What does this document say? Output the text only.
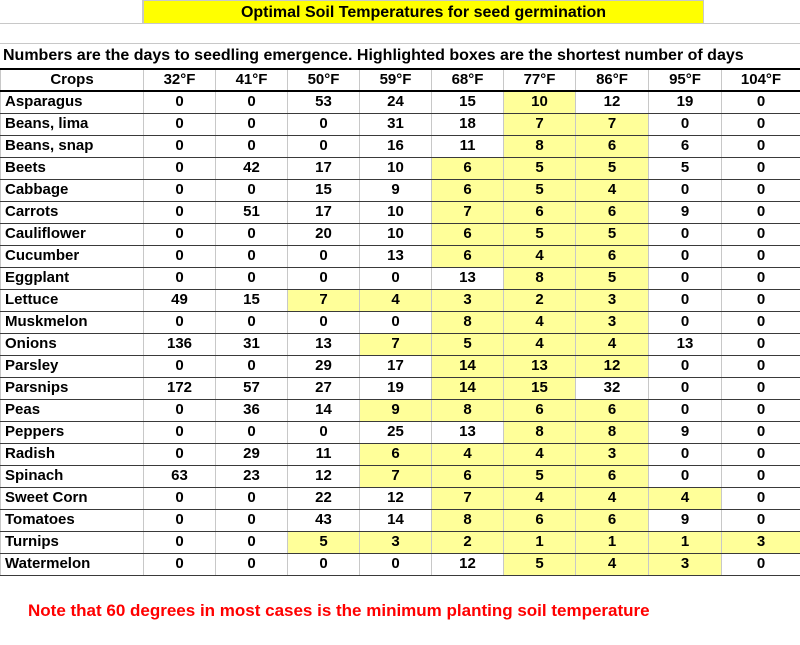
Optimal Soil Temperatures for seed germination
Numbers are the days to seedling emergence. Highlighted boxes are the shortest number of days
Crops	32°F	41°F	50°F	59°F	68°F	77°F	86°F	95°F	104°F
Asparagus	0	0	53	24	15	10	12	19	0
Beans, lima	0	0	0	31	18	7	7	0	0
Beans, snap	0	0	0	16	11	8	6	6	0
Beets	0	42	17	10	6	5	5	5	0
Cabbage	0	0	15	9	6	5	4	0	0
Carrots	0	51	17	10	7	6	6	9	0
Cauliflower	0	0	20	10	6	5	5	0	0
Cucumber	0	0	0	13	6	4	6	0	0
Eggplant	0	0	0	0	13	8	5	0	0
Lettuce	49	15	7	4	3	2	3	0	0
Muskmelon	0	0	0	0	8	4	3	0	0
Onions	136	31	13	7	5	4	4	13	0
Parsley	0	0	29	17	14	13	12	0	0
Parsnips	172	57	27	19	14	15	32	0	0
Peas	0	36	14	9	8	6	6	0	0
Peppers	0	0	0	25	13	8	8	9	0
Radish	0	29	11	6	4	4	3	0	0
Spinach	63	23	12	7	6	5	6	0	0
Sweet Corn	0	0	22	12	7	4	4	4	0
Tomatoes	0	0	43	14	8	6	6	9	0
Turnips	0	0	5	3	2	1	1	1	3
Watermelon	0	0	0	0	12	5	4	3	0
Note that 60 degrees in most cases is the minimum planting soil temperature
